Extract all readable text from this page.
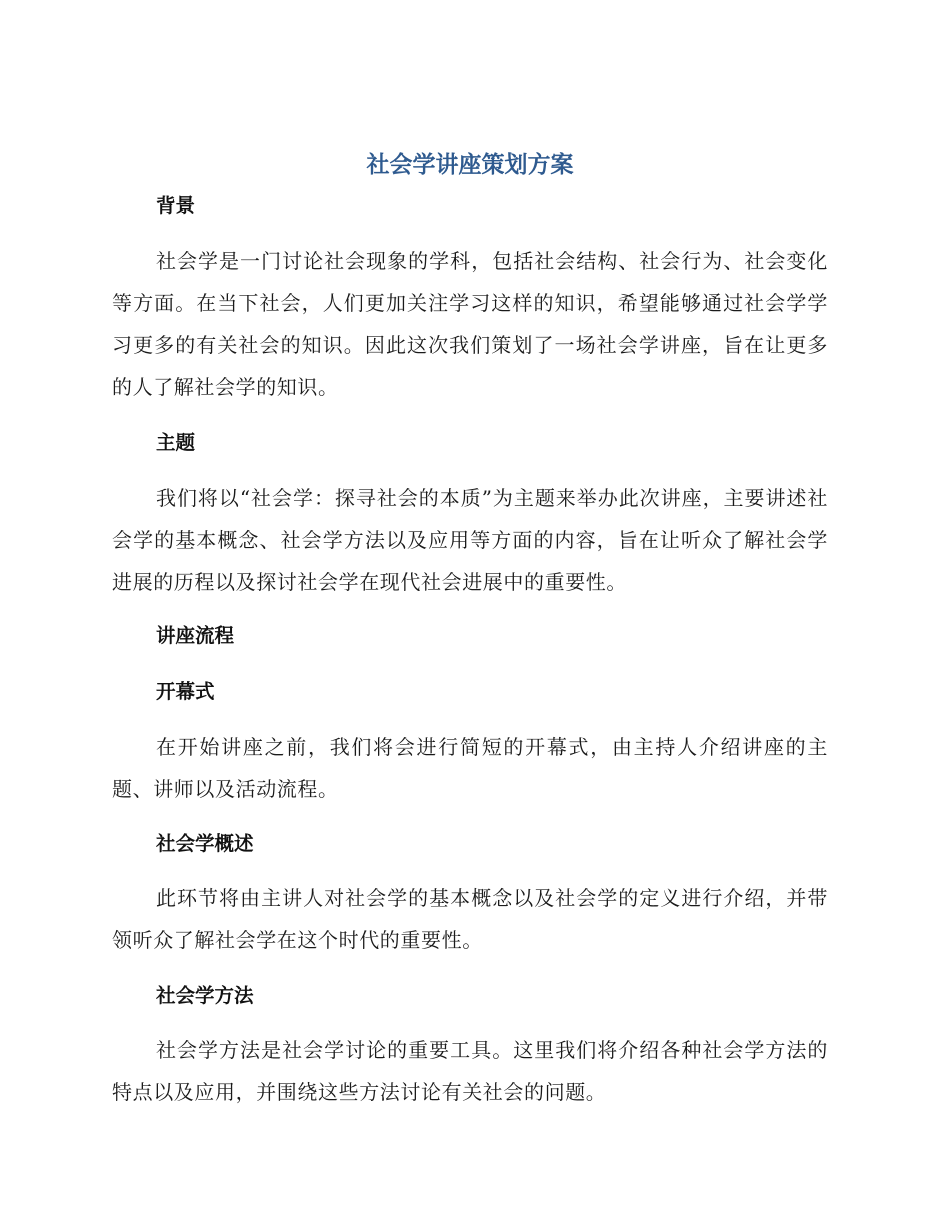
社会学讲座策划方案
背景

社会学是一门讨论社会现象的学科，包括社会结构、社会行为、社会变化等方面。在当下社会，人们更加关注学习这样的知识，希望能够通过社会学学习更多的有关社会的知识。因此这次我们策划了一场社会学讲座，旨在让更多的人了解社会学的知识。

主题

我们将以“社会学：探寻社会的本质”为主题来举办此次讲座，主要讲述社会学的基本概念、社会学方法以及应用等方面的内容，旨在让听众了解社会学进展的历程以及探讨社会学在现代社会进展中的重要性。

讲座流程
开幕式

在开始讲座之前，我们将会进行简短的开幕式，由主持人介绍讲座的主题、讲师以及活动流程。

社会学概述

此环节将由主讲人对社会学的基本概念以及社会学的定义进行介绍，并带领听众了解社会学在这个时代的重要性。

社会学方法

社会学方法是社会学讨论的重要工具。这里我们将介绍各种社会学方法的特点以及应用，并围绕这些方法讨论有关社会的问题。
